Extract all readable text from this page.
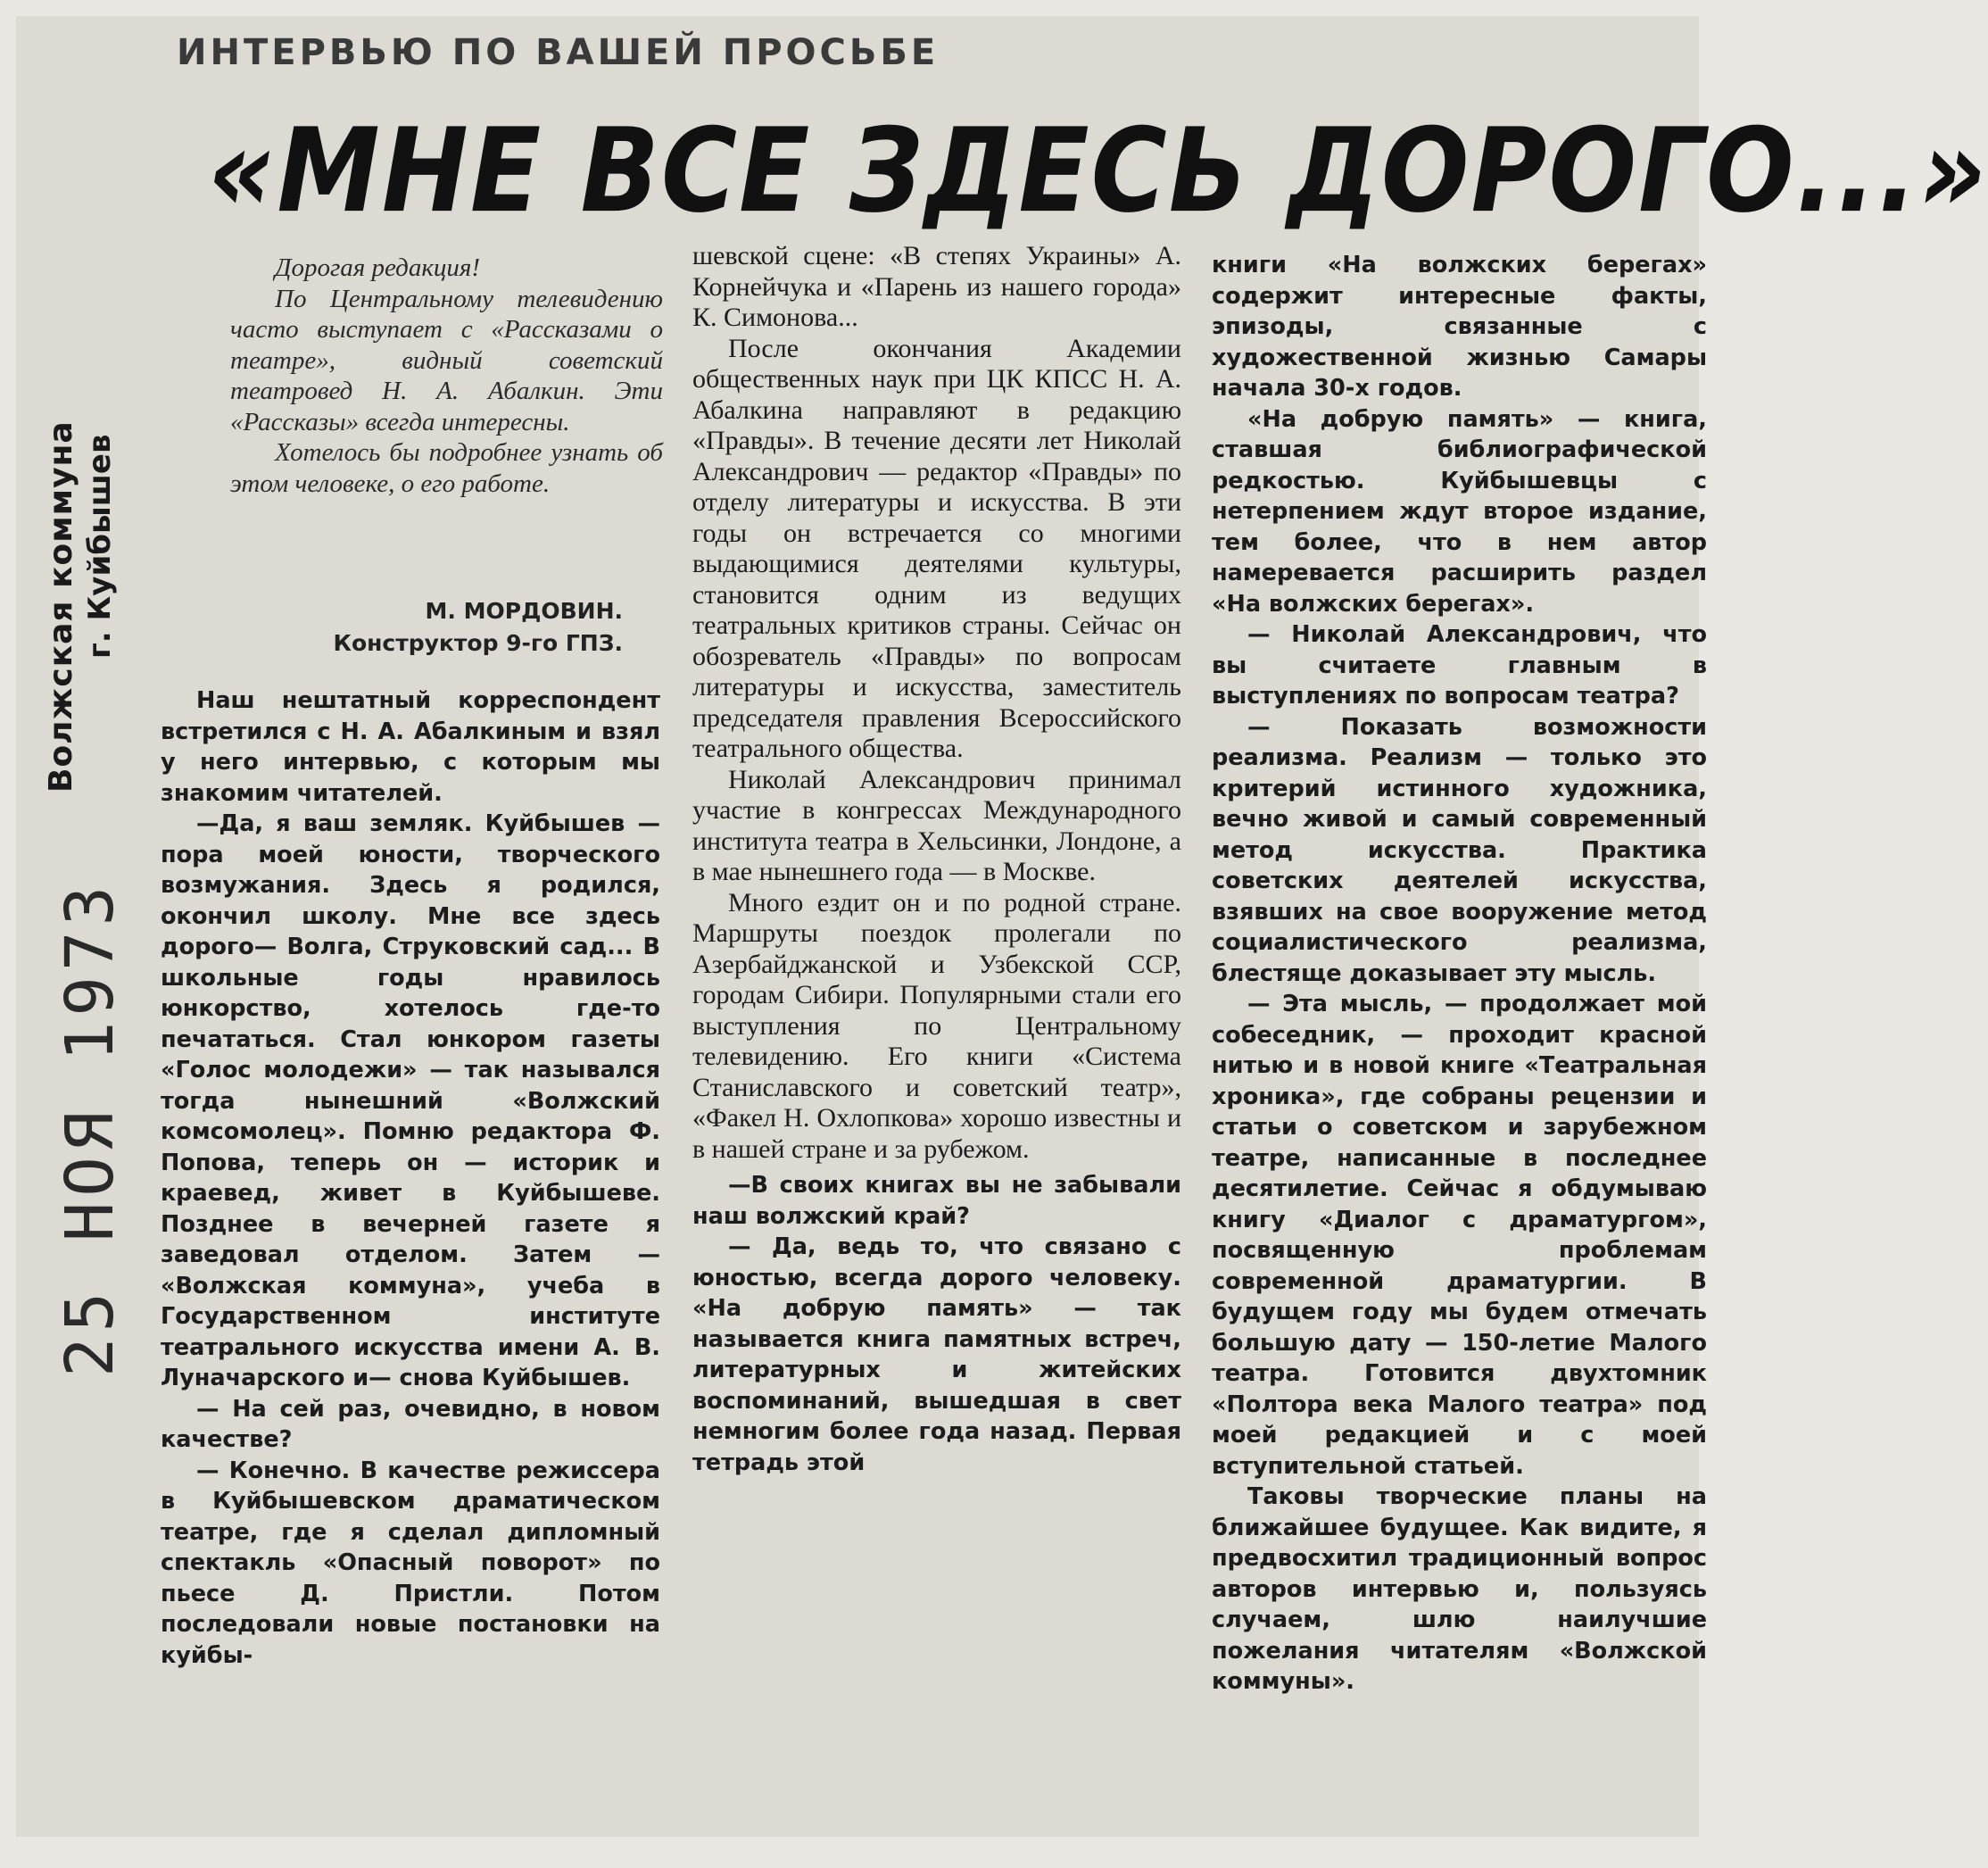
ИНТЕРВЬЮ ПО ВАШЕЙ ПРОСЬБЕ
«МНЕ ВСЕ ЗДЕСЬ ДОРОГО...»
Волжская коммуна г. Куйбышев
25 НОЯ 1973

Дорогая редакция!

По Центральному телевидению часто выступает с «Рассказами о театре», видный советский театровед Н. А. Абалкин. Эти «Рассказы» всегда интересны.

Хотелось бы подробнее узнать об этом человеке, о его работе.

М. МОРДОВИН.
Конструктор 9-го ГПЗ.

Наш нештатный корреспондент встретился с Н. А. Абалкиным и взял у него интервью, с которым мы знакомим читателей.

—Да, я ваш земляк. Куйбышев — пора моей юности, творческого возмужания. Здесь я родился, окончил школу. Мне все здесь дорого— Волга, Струковский сад... В школьные годы нравилось юнкорство, хотелось где-то печататься. Стал юнкором газеты «Голос молодежи» — так назывался тогда нынешний «Волжский комсомолец». Помню редактора Ф. Попова, теперь он — историк и краевед, живет в Куйбышеве. Позднее в вечерней газете я заведовал отделом. Затем — «Волжская коммуна», учеба в Государственном институте театрального искусства имени А. В. Луначарского и— снова Куйбышев.

— На сей раз, очевидно, в новом качестве?

— Конечно. В качестве режиссера в Куйбышевском драматическом театре, где я сделал дипломный спектакль «Опасный поворот» по пьесе Д. Пристли. Потом последовали новые постановки на куйбы-

шевской сцене: «В степях Украины» А. Корнейчука и «Парень из нашего города» К. Симонова...

После окончания Академии общественных наук при ЦК КПСС Н. А. Абалкина направляют в редакцию «Правды». В течение десяти лет Николай Александрович — редактор «Правды» по отделу литературы и искусства. В эти годы он встречается со многими выдающимися деятелями культуры, становится одним из ведущих театральных критиков страны. Сейчас он обозреватель «Правды» по вопросам литературы и искусства, заместитель председателя правления Всероссийского театрального общества.

Николай Александрович принимал участие в конгрессах Международного института театра в Хельсинки, Лондоне, а в мае нынешнего года — в Москве.

Много ездит он и по родной стране. Маршруты поездок пролегали по Азербайджанской и Узбекской ССР, городам Сибири. Популярными стали его выступления по Центральному телевидению. Его книги «Система Станиславского и советский театр», «Факел Н. Охлопкова» хорошо известны и в нашей стране и за рубежом.

—В своих книгах вы не забывали наш волжский край?

— Да, ведь то, что связано с юностью, всегда дорого человеку. «На добрую память» — так называется книга памятных встреч, литературных и житейских воспоминаний, вышедшая в свет немногим более года назад. Первая тетрадь этой

книги «На волжских берегах» содержит интересные факты, эпизоды, связанные с художественной жизнью Самары начала 30-х годов.

«На добрую память» — книга, ставшая библиографической редкостью. Куйбышевцы с нетерпением ждут второе издание, тем более, что в нем автор намеревается расширить раздел «На волжских берегах».

— Николай Александрович, что вы считаете главным в выступлениях по вопросам театра?

— Показать возможности реализма. Реализм — только это критерий истинного художника, вечно живой и самый современный метод искусства. Практика советских деятелей искусства, взявших на свое вооружение метод социалистического реализма, блестяще доказывает эту мысль.

— Эта мысль, — продолжает мой собеседник, — проходит красной нитью и в новой книге «Театральная хроника», где собраны рецензии и статьи о советском и зарубежном театре, написанные в последнее десятилетие. Сейчас я обдумываю книгу «Диалог с драматургом», посвященную проблемам современной драматургии. В будущем году мы будем отмечать большую дату — 150-летие Малого театра. Готовится двухтомник «Полтора века Малого театра» под моей редакцией и с моей вступительной статьей.

Таковы творческие планы на ближайшее будущее. Как видите, я предвосхитил традиционный вопрос авторов интервью и, пользуясь случаем, шлю наилучшие пожелания читателям «Волжской коммуны».
